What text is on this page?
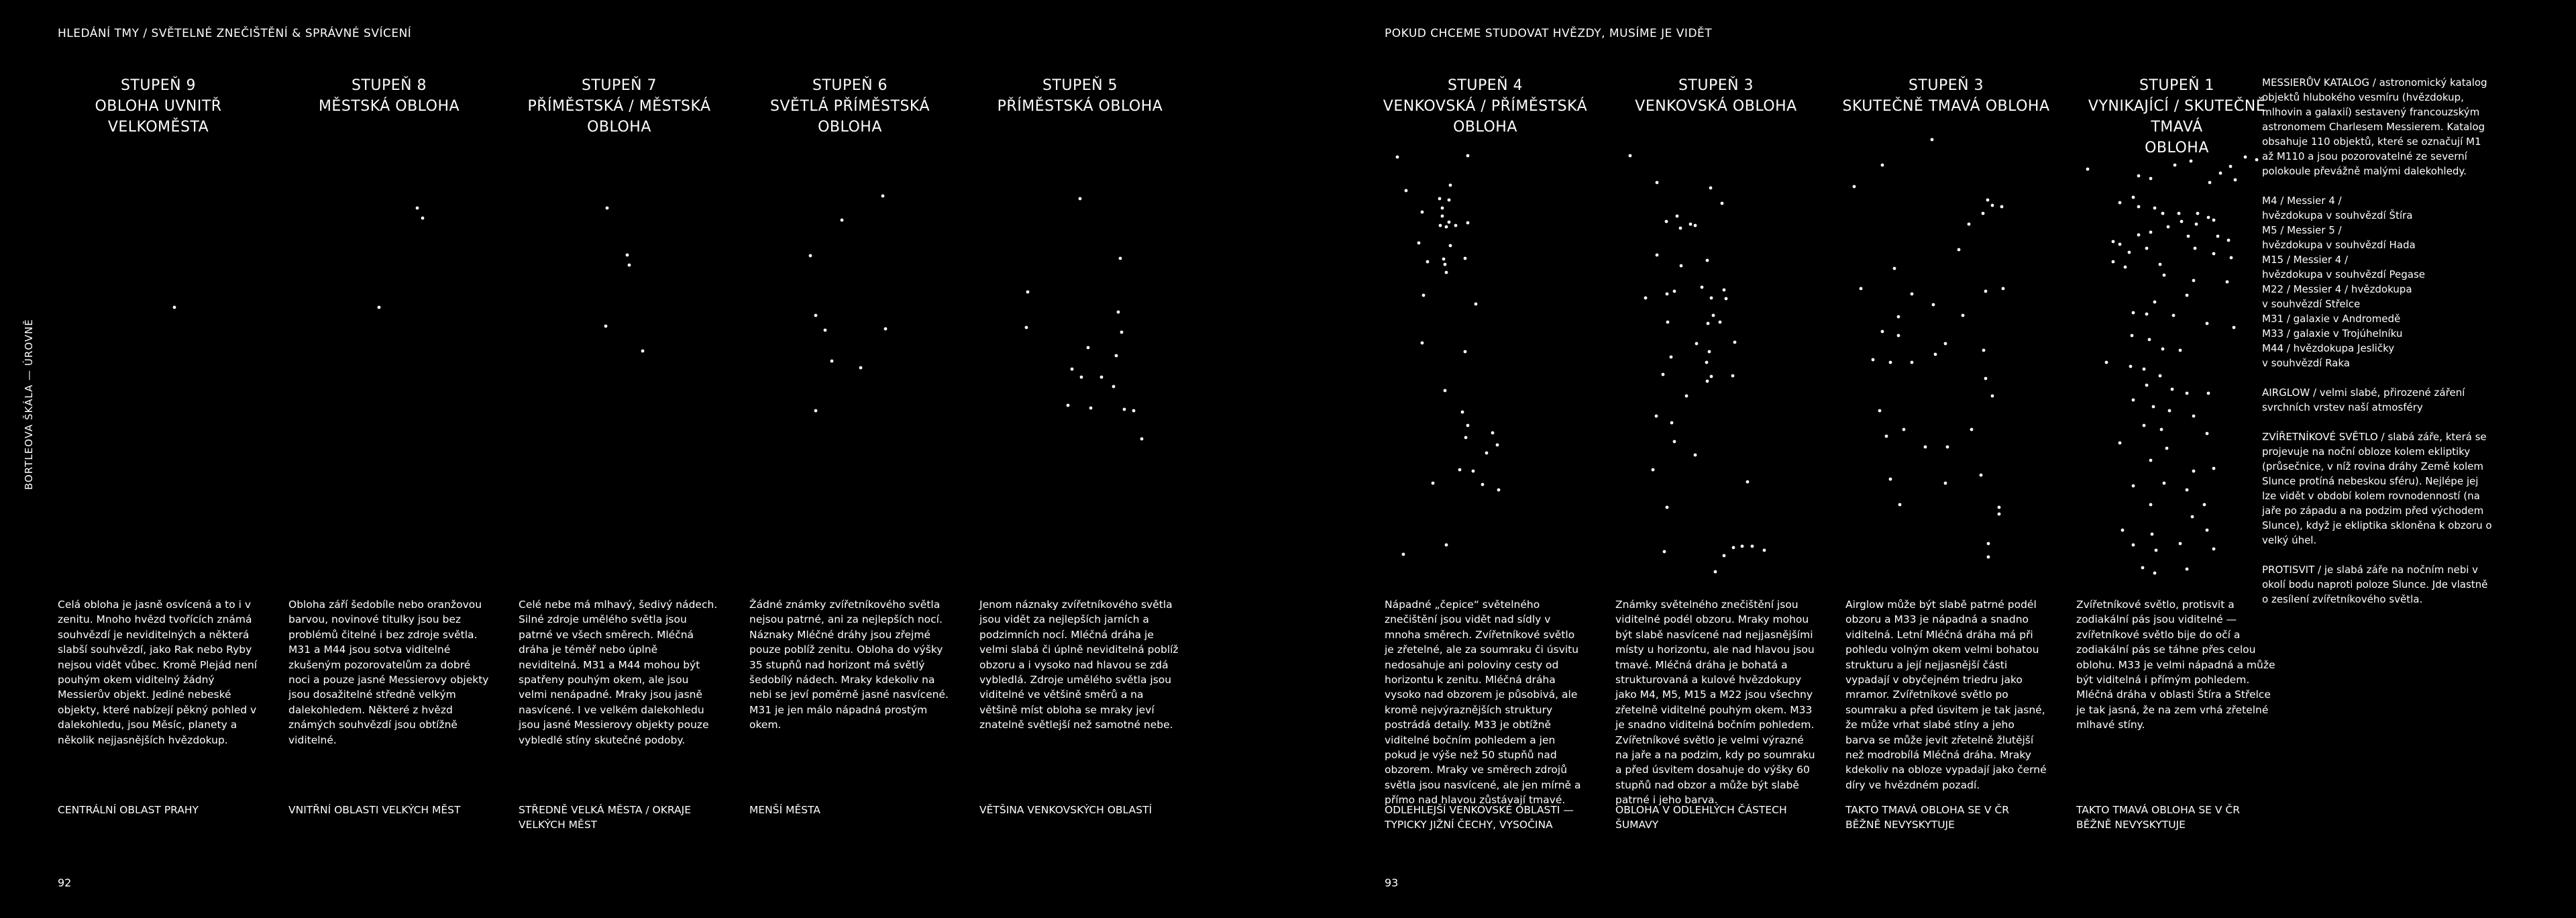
HLEDÁNÍ TMY / SVĚTELNÉ ZNEČIŠTĚNÍ & SPRÁVNÉ SVÍCENÍ	POKUD CHCEME STUDOVAT HVĚZDY, MUSÍME JE VIDĚT
BORTLEOVA ŠKÁLA — ÚROVNĚ
STUPEŇ 9
OBLOHA UVNITŘ VELKOMĚSTA
Celá obloha je jasně osvícená a to i v zenitu. Mnoho hvězd tvořících známá souhvězdí je neviditelných a některá slabší souhvězdí, jako Rak nebo Ryby nejsou vidět vůbec. Kromě Plejád není pouhým okem viditelný žádný Messierův objekt. Jediné nebeské objekty, které nabízejí pěkný pohled v dalekohledu, jsou Měsíc, planety a několik nejjasnějších hvězdokup.
CENTRÁLNÍ OBLAST PRAHY
STUPEŇ 8
MĚSTSKÁ OBLOHA
Obloha září šedobíle nebo oranžovou barvou, novinové titulky jsou bez problémů čitelné i bez zdroje světla. M31 a M44 jsou sotva viditelné zkušeným pozorovatelům za dobré noci a pouze jasné Messierovy objekty jsou dosažitelné středně velkým dalekohledem. Některé z hvězd známých souhvězdí jsou obtížně viditelné.
VNITŘNÍ OBLASTI VELKÝCH MĚST
STUPEŇ 7
PŘÍMĚSTSKÁ / MĚSTSKÁ
OBLOHA
Celé nebe má mlhavý, šedivý nádech. Silné zdroje umělého světla jsou patrné ve všech směrech. Mléčná dráha je téměř nebo úplně neviditelná. M31 a M44 mohou být spatřeny pouhým okem, ale jsou velmi nenápadné. Mraky jsou jasně nasvícené. I ve velkém dalekohledu jsou jasné Messierovy objekty pouze vybledlé stíny skutečné podoby.
STŘEDNĚ VELKÁ MĚSTA / OKRAJE VELKÝCH MĚST
STUPEŇ 6
SVĚTLÁ PŘÍMĚSTSKÁ OBLOHA
Žádné známky zvířetníkového světla nejsou patrné, ani za nejlepších nocí. Náznaky Mléčné dráhy jsou zřejmé pouze poblíž zenitu. Obloha do výšky 35 stupňů nad horizont má světlý šedobílý nádech. Mraky kdekoliv na nebi se jeví poměrně jasné nasvícené. M31 je jen málo nápadná prostým okem.
MENŠÍ MĚSTA
STUPEŇ 5
PŘÍMĚSTSKÁ OBLOHA
Jenom náznaky zvířetníkového světla jsou vidět za nejlepších jarních a podzimních nocí. Mléčná dráha je velmi slabá či úplně neviditelná poblíž obzoru a i vysoko nad hlavou se zdá vybledlá. Zdroje umělého světla jsou viditelné ve většině směrů a na většině míst obloha se mraky jeví znatelně světlejší než samotné nebe.
VĚTŠINA VENKOVSKÝCH OBLASTÍ
STUPEŇ 4
VENKOVSKÁ / PŘÍMĚSTSKÁ
OBLOHA
Nápadné „čepice“ světelného znečištění jsou vidět nad sídly v mnoha směrech. Zvířetníkové světlo je zřetelné, ale za soumraku či úsvitu nedosahuje ani poloviny cesty od horizontu k zenitu. Mléčná dráha vysoko nad obzorem je působivá, ale kromě nejvýraznějších struktury postrádá detaily. M33 je obtížně viditelné bočním pohledem a jen pokud je výše než 50 stupňů nad obzorem. Mraky ve směrech zdrojů světla jsou nasvícené, ale jen mírně a přímo nad hlavou zůstávají tmavé.
ODLEHLEJŠÍ VENKOVSKÉ OBLASTI — TYPICKY JIŽNÍ ČECHY, VYSOČINA
STUPEŇ 3
VENKOVSKÁ OBLOHA
Známky světelného znečištění jsou viditelné podél obzoru. Mraky mohou být slabě nasvícené nad nejjasnějšími místy u horizontu, ale nad hlavou jsou tmavé. Mléčná dráha je bohatá a strukturovaná a kulové hvězdokupy jako M4, M5, M15 a M22 jsou všechny zřetelně viditelné pouhým okem. M33 je snadno viditelná bočním pohledem. Zvířetníkové světlo je velmi výrazné na jaře a na podzim, kdy po soumraku a před úsvitem dosahuje do výšky 60 stupňů nad obzor a může být slabě patrné i jeho barva.
OBLOHA V ODLEHLÝCH ČÁSTECH ŠUMAVY
STUPEŇ 3
SKUTEČNĚ TMAVÁ OBLOHA
Airglow může být slabě patrné podél obzoru a M33 je nápadná a snadno viditelná. Letní Mléčná dráha má při pohledu volným okem velmi bohatou strukturu a její nejjasnější části vypadají v obyčejném triedru jako mramor. Zvířetníkové světlo po soumraku a před úsvitem je tak jasné, že může vrhat slabé stíny a jeho barva se může jevit zřetelně žlutější než modrobílá Mléčná dráha. Mraky kdekoliv na obloze vypadají jako černé díry ve hvězdném pozadí.
TAKTO TMAVÁ OBLOHA SE V ČR BĚŽNĚ NEVYSKYTUJE
STUPEŇ 1
VYNIKAJÍCÍ / SKUTEČNĚ TMAVÁ
OBLOHA
Zvířetníkové světlo, protisvit a zodiakální pás jsou viditelné — zvířetníkové světlo bije do očí a zodiakální pás se táhne přes celou oblohu. M33 je velmi nápadná a může být viditelná i přímým pohledem. Mléčná dráha v oblasti Štíra a Střelce je tak jasná, že na zem vrhá zřetelné mlhavé stíny.
TAKTO TMAVÁ OBLOHA SE V ČR BĚŽNĚ NEVYSKYTUJE

MESSIERŮV KATALOG / astronomický katalog objektů hlubokého vesmíru (hvězdokup, mlhovin a galaxií) sestavený francouzským astronomem Charlesem Messierem. Katalog obsahuje 110 objektů, které se označují M1 až M110 a jsou pozorovatelné ze severní polokoule převážně malými dalekohledy.

M4 / Messier 4 /
hvězdokupa v souhvězdí Štíra
M5 / Messier 5 /
hvězdokupa v souhvězdí Hada
M15 / Messier 4 /
hvězdokupa v souhvězdí Pegase
M22 / Messier 4 / hvězdokupa
v souhvězdí Střelce
M31 / galaxie v Andromedě
M33 / galaxie v Trojúhelníku
M44 / hvězdokupa Jesličky
v souhvězdí Raka

AIRGLOW / velmi slabé, přirozené záření svrchních vrstev naší atmosféry

ZVÍŘETNÍKOVÉ SVĚTLO / slabá záře, která se projevuje na noční obloze kolem ekliptiky (průsečnice, v níž rovina dráhy Země kolem Slunce protíná nebeskou sféru). Nejlépe jej lze vidět v období kolem rovnodenností (na jaře po západu a na podzim před východem Slunce), když je ekliptika skloněna k obzoru o velký úhel.

PROTISVIT / je slabá záře na nočním nebi v okolí bodu naproti poloze Slunce. Jde vlastně o zesílení zvířetníkového světla.

92	93
